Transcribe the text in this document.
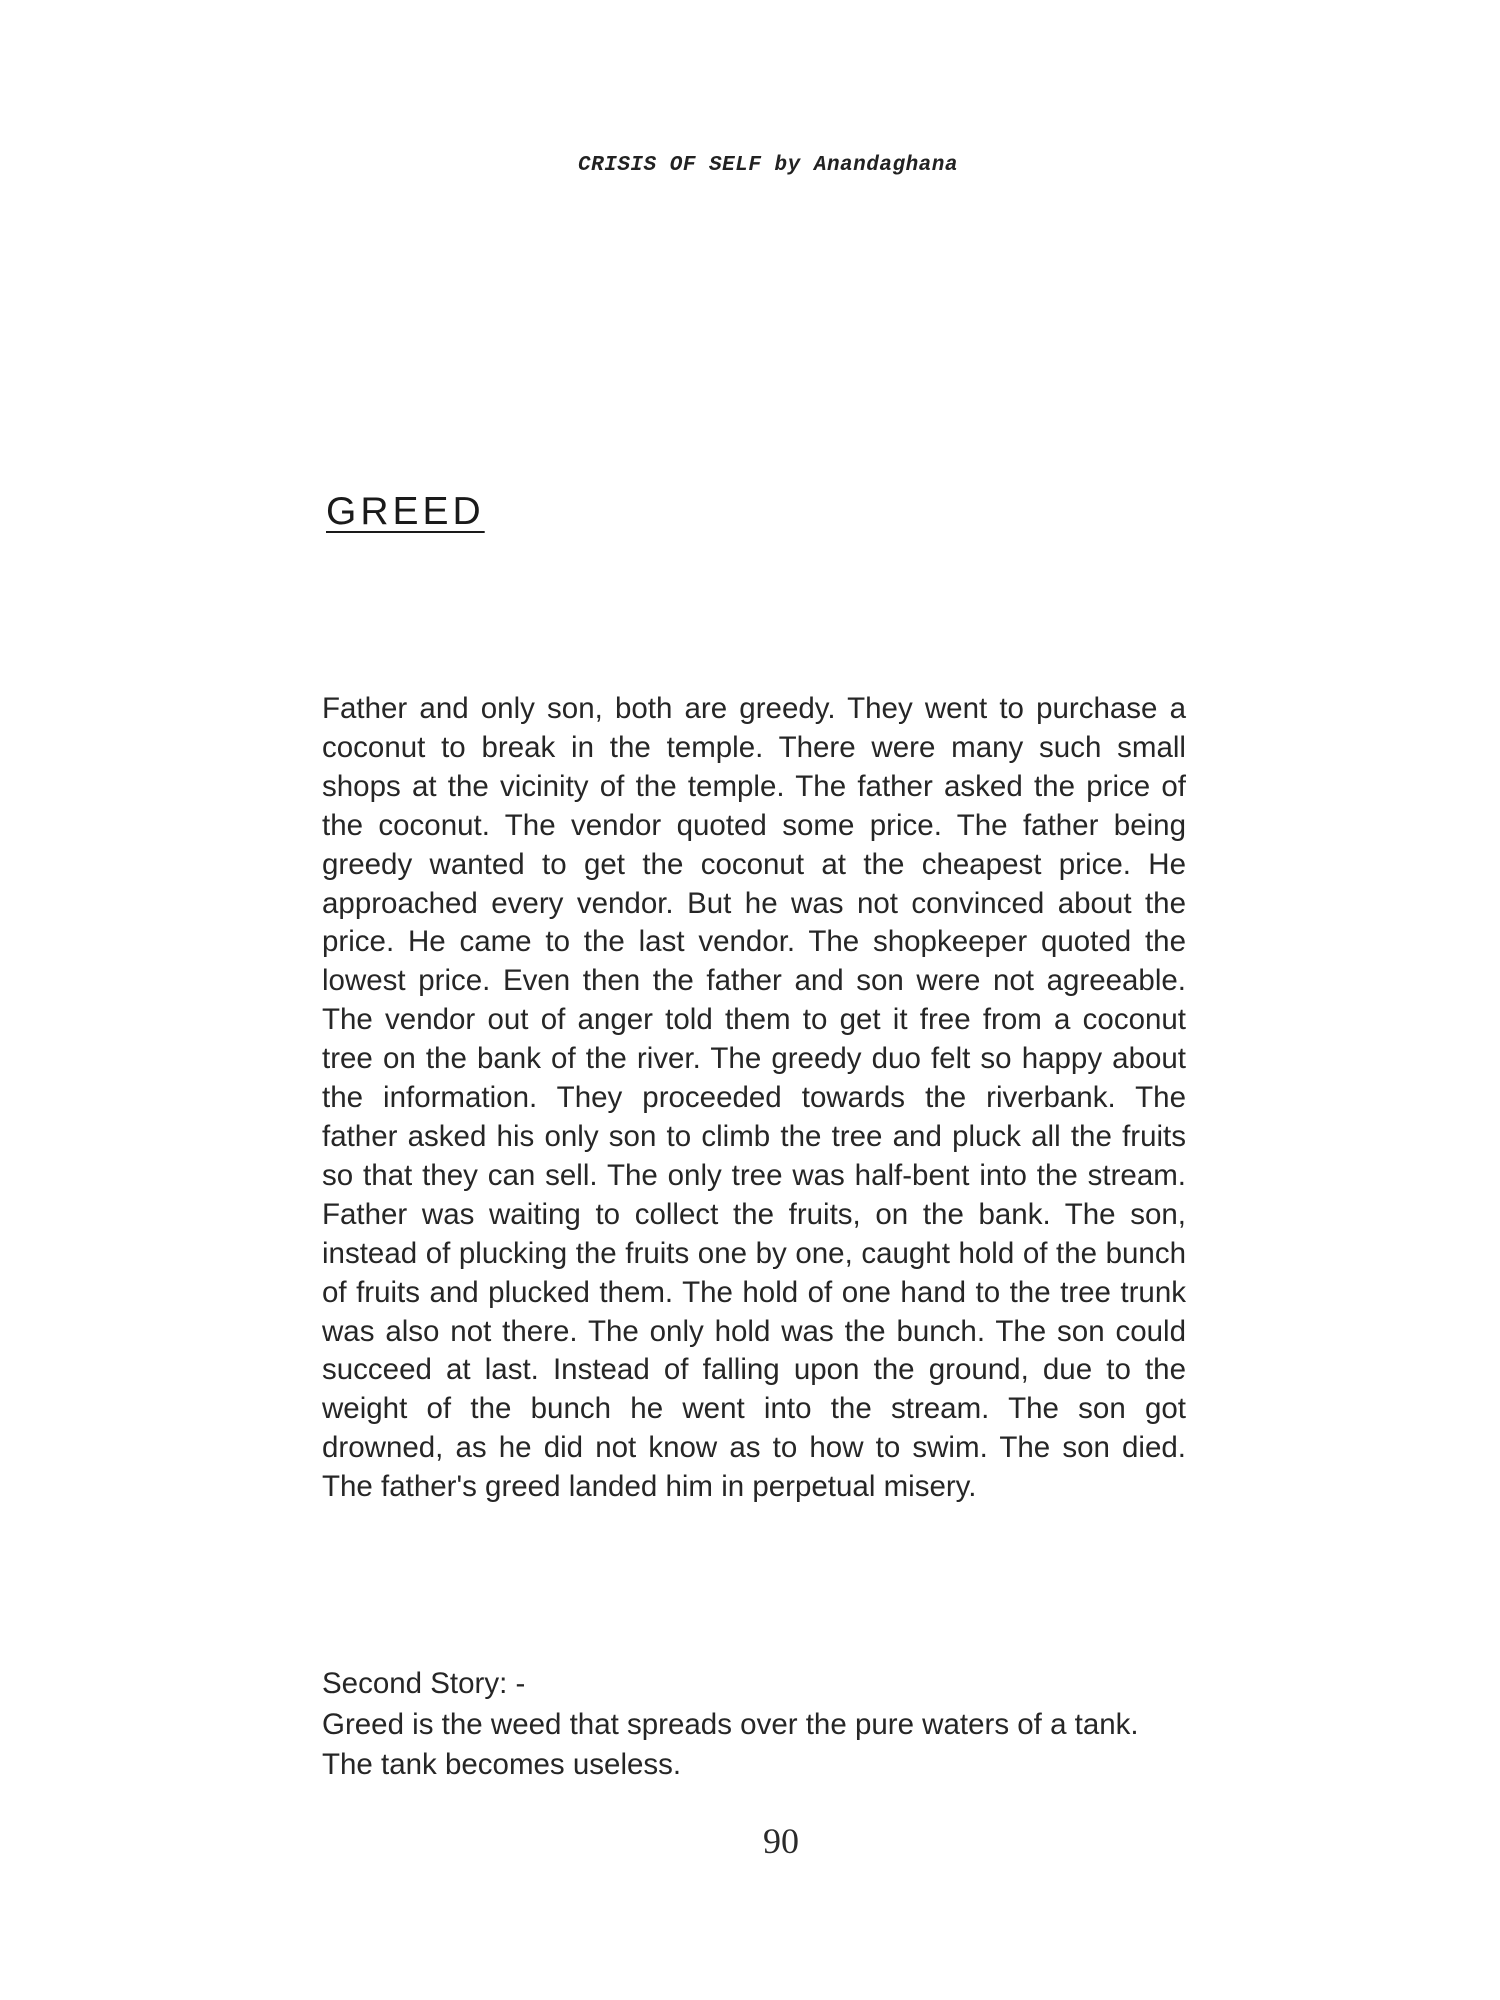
CRISIS OF SELF by Anandaghana
GREED

Father and only son, both are greedy. They went to purchase a coconut to break in the temple. There were many such small shops at the vicinity of the temple. The father asked the price of the coconut. The vendor quoted some price. The father being greedy wanted to get the coconut at the cheapest price. He approached every vendor. But he was not convinced about the price. He came to the last vendor. The shopkeeper quoted the lowest price. Even then the father and son were not agreeable. The vendor out of anger told them to get it free from a coconut tree on the bank of the river. The greedy duo felt so happy about the information. They proceeded towards the riverbank. The father asked his only son to climb the tree and pluck all the fruits so that they can sell. The only tree was half-bent into the stream. Father was waiting to collect the fruits, on the bank. The son, instead of plucking the fruits one by one, caught hold of the bunch of fruits and plucked them. The hold of one hand to the tree trunk was also not there. The only hold was the bunch. The son could succeed at last. Instead of falling upon the ground, due to the weight of the bunch he went into the stream. The son got drowned, as he did not know as to how to swim. The son died. The father's greed landed him in perpetual misery.

Second Story: -

Greed is the weed that spreads over the pure waters of a tank. The tank becomes useless.

90
